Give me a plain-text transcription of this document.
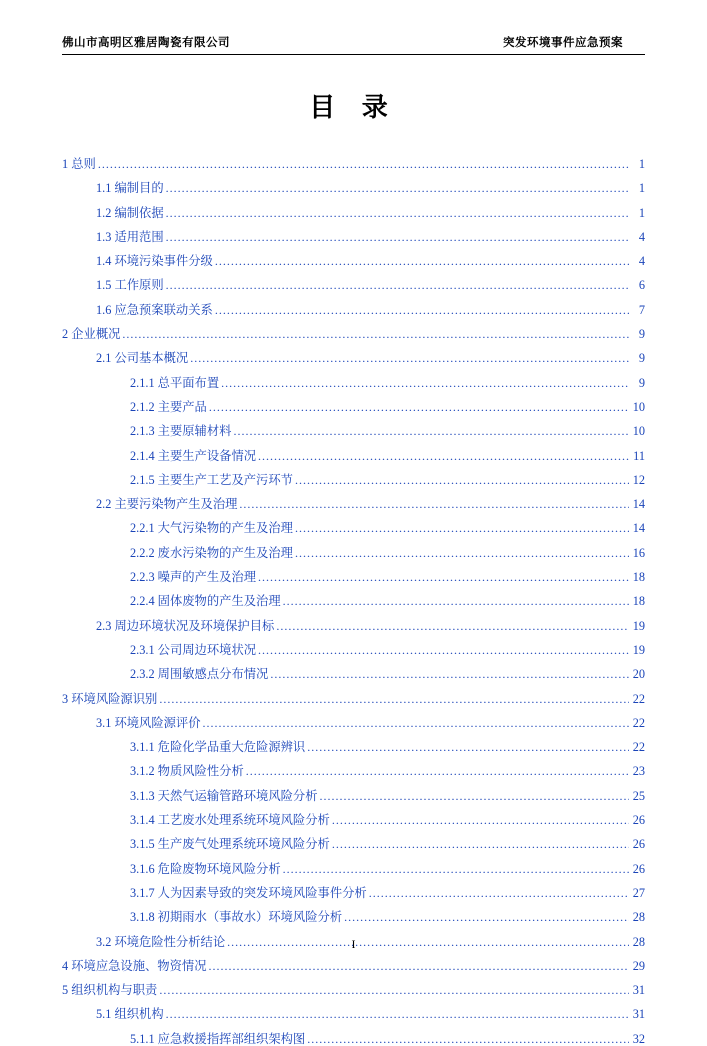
佛山市高明区雅居陶瓷有限公司	突发环境事件应急预案
目 录
1 总则 .....	1
1.1 编制目的 .....	1
1.2 编制依据 .....	1
1.3 适用范围 .....	4
1.4 环境污染事件分级 .....	4
1.5 工作原则 .....	6
1.6 应急预案联动关系 .....	7
2 企业概况 .....	9
2.1 公司基本概况 .....	9
2.1.1 总平面布置 .....	9
2.1.2 主要产品 .....	10
2.1.3 主要原辅材料 .....	10
2.1.4 主要生产设备情况 .....	11
2.1.5 主要生产工艺及产污环节 .....	12
2.2 主要污染物产生及治理 .....	14
2.2.1 大气污染物的产生及治理 .....	14
2.2.2 废水污染物的产生及治理 .....	16
2.2.3 噪声的产生及治理 .....	18
2.2.4 固体废物的产生及治理 .....	18
2.3 周边环境状况及环境保护目标 .....	19
2.3.1 公司周边环境状况 .....	19
2.3.2 周围敏感点分布情况 .....	20
3 环境风险源识别 .....	22
3.1 环境风险源评价 .....	22
3.1.1 危险化学品重大危险源辨识 .....	22
3.1.2 物质风险性分析 .....	23
3.1.3 天然气运输管路环境风险分析 .....	25
3.1.4 工艺废水处理系统环境风险分析 .....	26
3.1.5 生产废气处理系统环境风险分析 .....	26
3.1.6 危险废物环境风险分析 .....	26
3.1.7 人为因素导致的突发环境风险事件分析 .....	27
3.1.8 初期雨水（事故水）环境风险分析 .....	28
3.2 环境危险性分析结论 .....	28
4 环境应急设施、物资情况 .....	29
5 组织机构与职责 .....	31
5.1 组织机构 .....	31
5.1.1 应急救援指挥部组织架构图 .....	32
I
